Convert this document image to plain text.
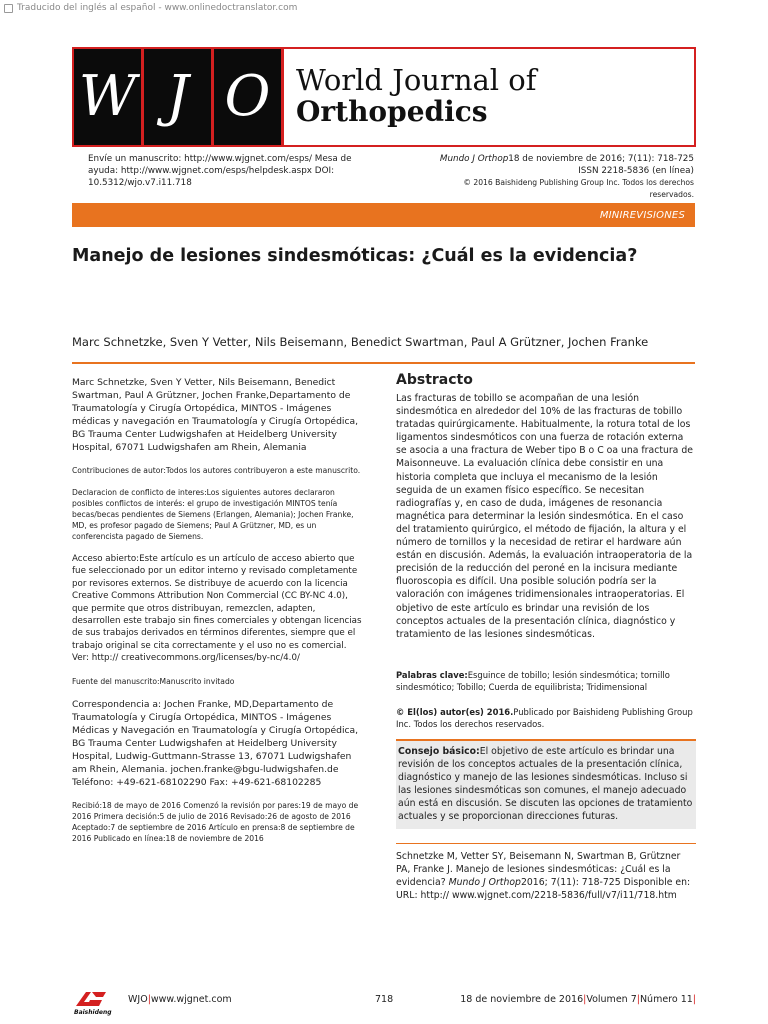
Traducido del inglés al español - www.onlinedoctranslator.com
W J O World Journal of
Orthopedics
Envíe un manuscrito: http://www.wjgnet.com/esps/ Mesa de ayuda: http://www.wjgnet.com/esps/helpdesk.aspx DOI: 10.5312/wjo.v7.i11.718
Mundo J Orthop18 de noviembre de 2016; 7(11): 718-725
ISSN 2218-5836 (en línea)
© 2016 Baishideng Publishing Group Inc. Todos los derechos reservados.
MINIREVISIONES
Manejo de lesiones sindesmóticas: ¿Cuál es la evidencia?
Marc Schnetzke, Sven Y Vetter, Nils Beisemann, Benedict Swartman, Paul A Grützner, Jochen Franke

Marc Schnetzke, Sven Y Vetter, Nils Beisemann, Benedict Swartman, Paul A Grützner, Jochen Franke,Departamento de Traumatología y Cirugía Ortopédica, MINTOS - Imágenes médicas y navegación en Traumatología y Cirugía Ortopédica, BG Trauma Center Ludwigshafen at Heidelberg University Hospital, 67071 Ludwigshafen am Rhein, Alemania

Contribuciones de autor:Todos los autores contribuyeron a este manuscrito.

Declaracion de conflicto de interes:Los siguientes autores declararon posibles conflictos de interés: el grupo de investigación MINTOS tenía becas/becas pendientes de Siemens (Erlangen, Alemania); Jochen Franke, MD, es profesor pagado de Siemens; Paul A Grützner, MD, es un conferencista pagado de Siemens.

Acceso abierto:Este artículo es un artículo de acceso abierto que fue seleccionado por un editor interno y revisado completamente por revisores externos. Se distribuye de acuerdo con la licencia Creative Commons Attribution Non Commercial (CC BY-NC 4.0), que permite que otros distribuyan, remezclen, adapten, desarrollen este trabajo sin fines comerciales y obtengan licencias de sus trabajos derivados en términos diferentes, siempre que el trabajo original se cita correctamente y el uso no es comercial. Ver: http:// creativecommons.org/licenses/by-nc/4.0/

Fuente del manuscrito:Manuscrito invitado

Correspondencia a: Jochen Franke, MD,Departamento de Traumatología y Cirugía Ortopédica, MINTOS - Imágenes Médicas y Navegación en Traumatología y Cirugía Ortopédica, BG Trauma Center Ludwigshafen at Heidelberg University Hospital, Ludwig-Guttmann-Strasse 13, 67071 Ludwigshafen am Rhein, Alemania. jochen.franke@bgu-ludwigshafen.de Teléfono: +49-621-68102290 Fax: +49-621-68102285

Recibió:18 de mayo de 2016 Comenzó la revisión por pares:19 de mayo de 2016 Primera decisión:5 de julio de 2016 Revisado:26 de agosto de 2016 Aceptado:7 de septiembre de 2016 Artículo en prensa:8 de septiembre de 2016 Publicado en línea:18 de noviembre de 2016

Abstracto

Las fracturas de tobillo se acompañan de una lesión sindesmótica en alrededor del 10% de las fracturas de tobillo tratadas quirúrgicamente. Habitualmente, la rotura total de los ligamentos sindesmóticos con una fuerza de rotación externa se asocia a una fractura de Weber tipo B o C oa una fractura de Maisonneuve. La evaluación clínica debe consistir en una historia completa que incluya el mecanismo de la lesión seguida de un examen físico específico. Se necesitan radiografías y, en caso de duda, imágenes de resonancia magnética para determinar la lesión sindesmótica. En el caso del tratamiento quirúrgico, el método de fijación, la altura y el número de tornillos y la necesidad de retirar el hardware aún están en discusión. Además, la evaluación intraoperatoria de la precisión de la reducción del peroné en la incisura mediante fluoroscopia es difícil. Una posible solución podría ser la valoración con imágenes tridimensionales intraoperatorias. El objetivo de este artículo es brindar una revisión de los conceptos actuales de la presentación clínica, diagnóstico y tratamiento de las lesiones sindesmóticas.

Palabras clave:Esguince de tobillo; lesión sindesmótica; tornillo sindesmótico; Tobillo; Cuerda de equilibrista; Tridimensional

© El(los) autor(es) 2016.Publicado por Baishideng Publishing Group Inc. Todos los derechos reservados.

Consejo básico:El objetivo de este artículo es brindar una revisión de los conceptos actuales de la presentación clínica, diagnóstico y manejo de las lesiones sindesmóticas. Incluso si las lesiones sindesmóticas son comunes, el manejo adecuado aún está en discusión. Se discuten las opciones de tratamiento actuales y se proporcionan direcciones futuras.

Schnetzke M, Vetter SY, Beisemann N, Swartman B, Grützner PA, Franke J. Manejo de lesiones sindesmóticas: ¿Cuál es la evidencia? Mundo J Orthop2016; 7(11): 718-725 Disponible en: URL: http:// www.wjgnet.com/2218-5836/full/v7/i11/718.htm

Baishideng
WJO|www.wjgnet.com	718	18 de noviembre de 2016|Volumen 7|Número 11|
